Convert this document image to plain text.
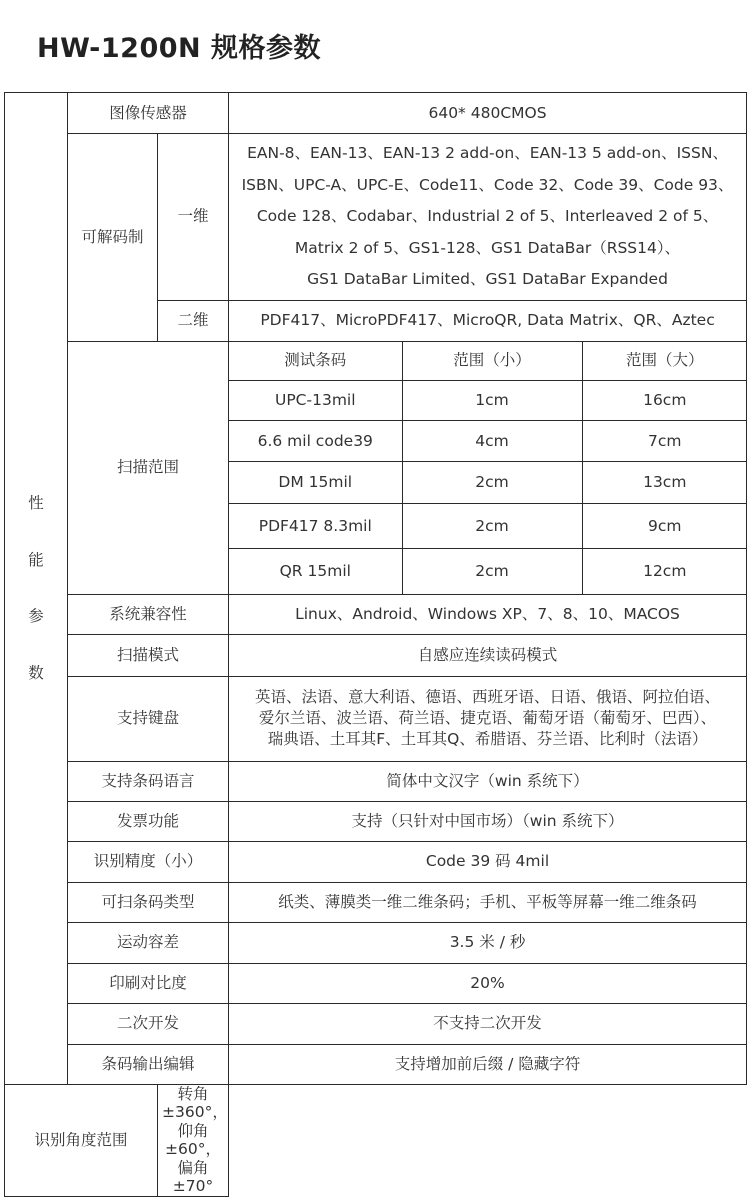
HW-1200N 规格参数
性
能
参
数
	图像传感器	640* 480CMOS
可解码制	一维	
EAN-8、EAN-13、EAN-13 2 add-on、EAN-13 5 add-on、ISSN、
ISBN、UPC-A、UPC-E、Code11、Code 32、Code 39、Code 93、
Code 128、Codabar、Industrial 2 of 5、Interleaved 2 of 5、
Matrix 2 of 5、GS1-128、GS1 DataBar（RSS14）、
GS1 DataBar Limited、GS1 DataBar Expanded

二维	PDF417、MicroPDF417、MicroQR, Data Matrix、QR、Aztec
扫描范围	
测试条码	范围（小）	范围（大）
UPC-13mil	1cm	16cm
6.6 mil code39	4cm	7cm
DM 15mil	2cm	13cm
PDF417 8.3mil	2cm	9cm
QR 15mil	2cm	12cm

系统兼容性	Linux、Android、Windows XP、7、8、10、MACOS
扫描模式	自感应连续读码模式
支持键盘	
英语、法语、意大利语、德语、西班牙语、日语、俄语、阿拉伯语、
爱尔兰语、波兰语、荷兰语、捷克语、葡萄牙语（葡萄牙、巴西）、
瑞典语、土耳其F、土耳其Q、希腊语、芬兰语、比利时（法语）

支持条码语言	简体中文汉字（win 系统下）
发票功能	支持（只针对中国市场）（win 系统下）
识别精度（小）	Code 39 码 4mil
可扫条码类型	纸类、薄膜类一维二维条码；手机、平板等屏幕一维二维条码
运动容差	3.5 米 / 秒
印刷对比度	20%
二次开发	不支持二次开发
条码输出编辑	支持增加前后缀 / 隐藏字符
识别角度范围	转角 ±360°，仰角 ±60°，偏角 ±70°
